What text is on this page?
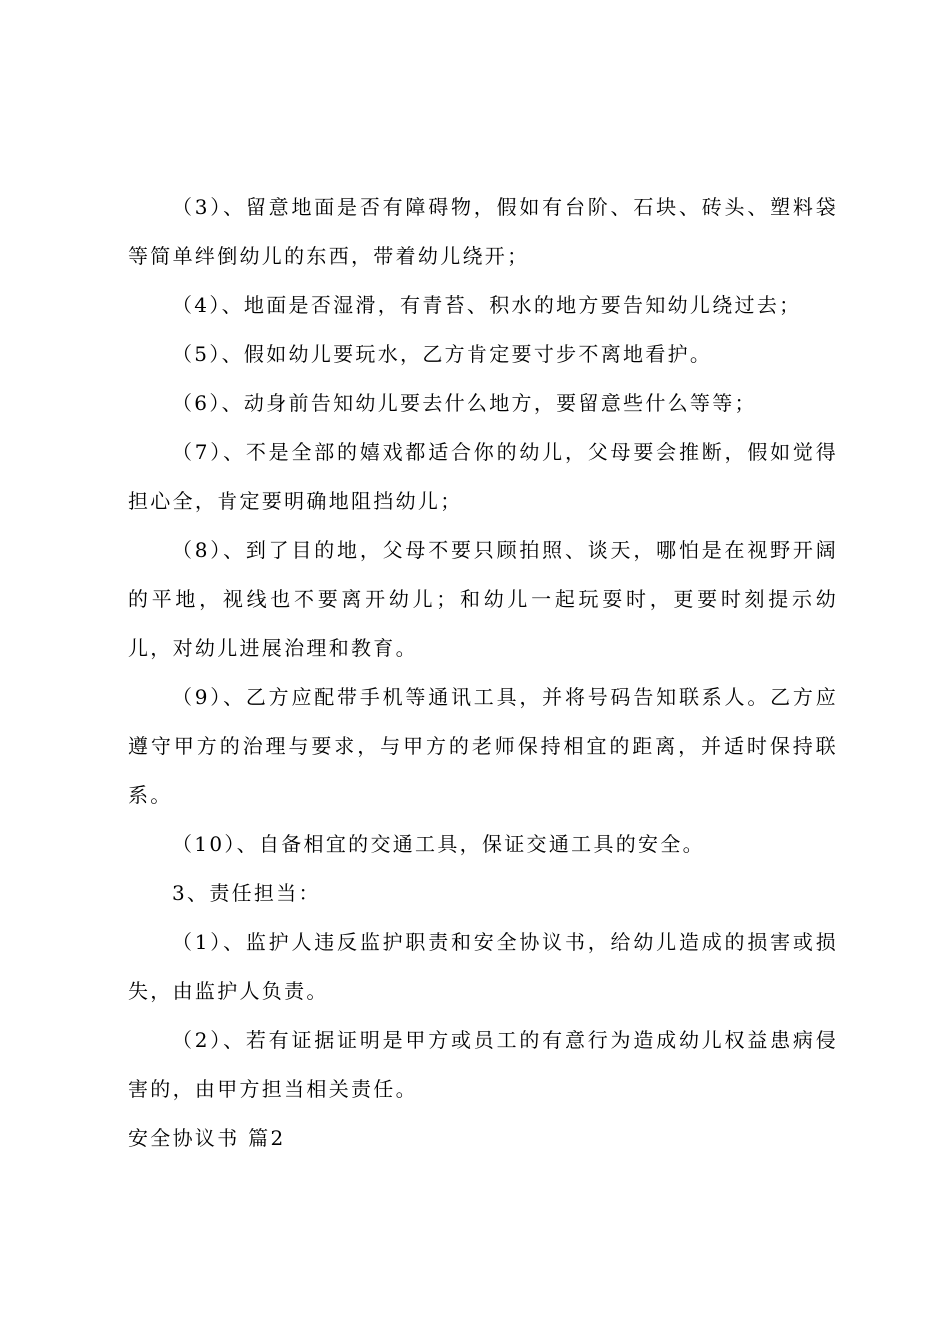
（3）、留意地面是否有障碍物，假如有台阶、石块、砖头、塑料袋等简单绊倒幼儿的东西，带着幼儿绕开；

（4）、地面是否湿滑，有青苔、积水的地方要告知幼儿绕过去；

（5）、假如幼儿要玩水，乙方肯定要寸步不离地看护。

（6）、动身前告知幼儿要去什么地方，要留意些什么等等；

（7）、不是全部的嬉戏都适合你的幼儿，父母要会推断，假如觉得担心全，肯定要明确地阻挡幼儿；

（8）、到了目的地，父母不要只顾拍照、谈天，哪怕是在视野开阔的平地，视线也不要离开幼儿；和幼儿一起玩耍时，更要时刻提示幼儿，对幼儿进展治理和教育。

（9）、乙方应配带手机等通讯工具，并将号码告知联系人。乙方应遵守甲方的治理与要求，与甲方的老师保持相宜的距离，并适时保持联系。

（10）、自备相宜的交通工具，保证交通工具的安全。

3、责任担当：

（1）、监护人违反监护职责和安全协议书，给幼儿造成的损害或损失，由监护人负责。

（2）、若有证据证明是甲方或员工的有意行为造成幼儿权益患病侵害的，由甲方担当相关责任。

安全协议书 篇2
